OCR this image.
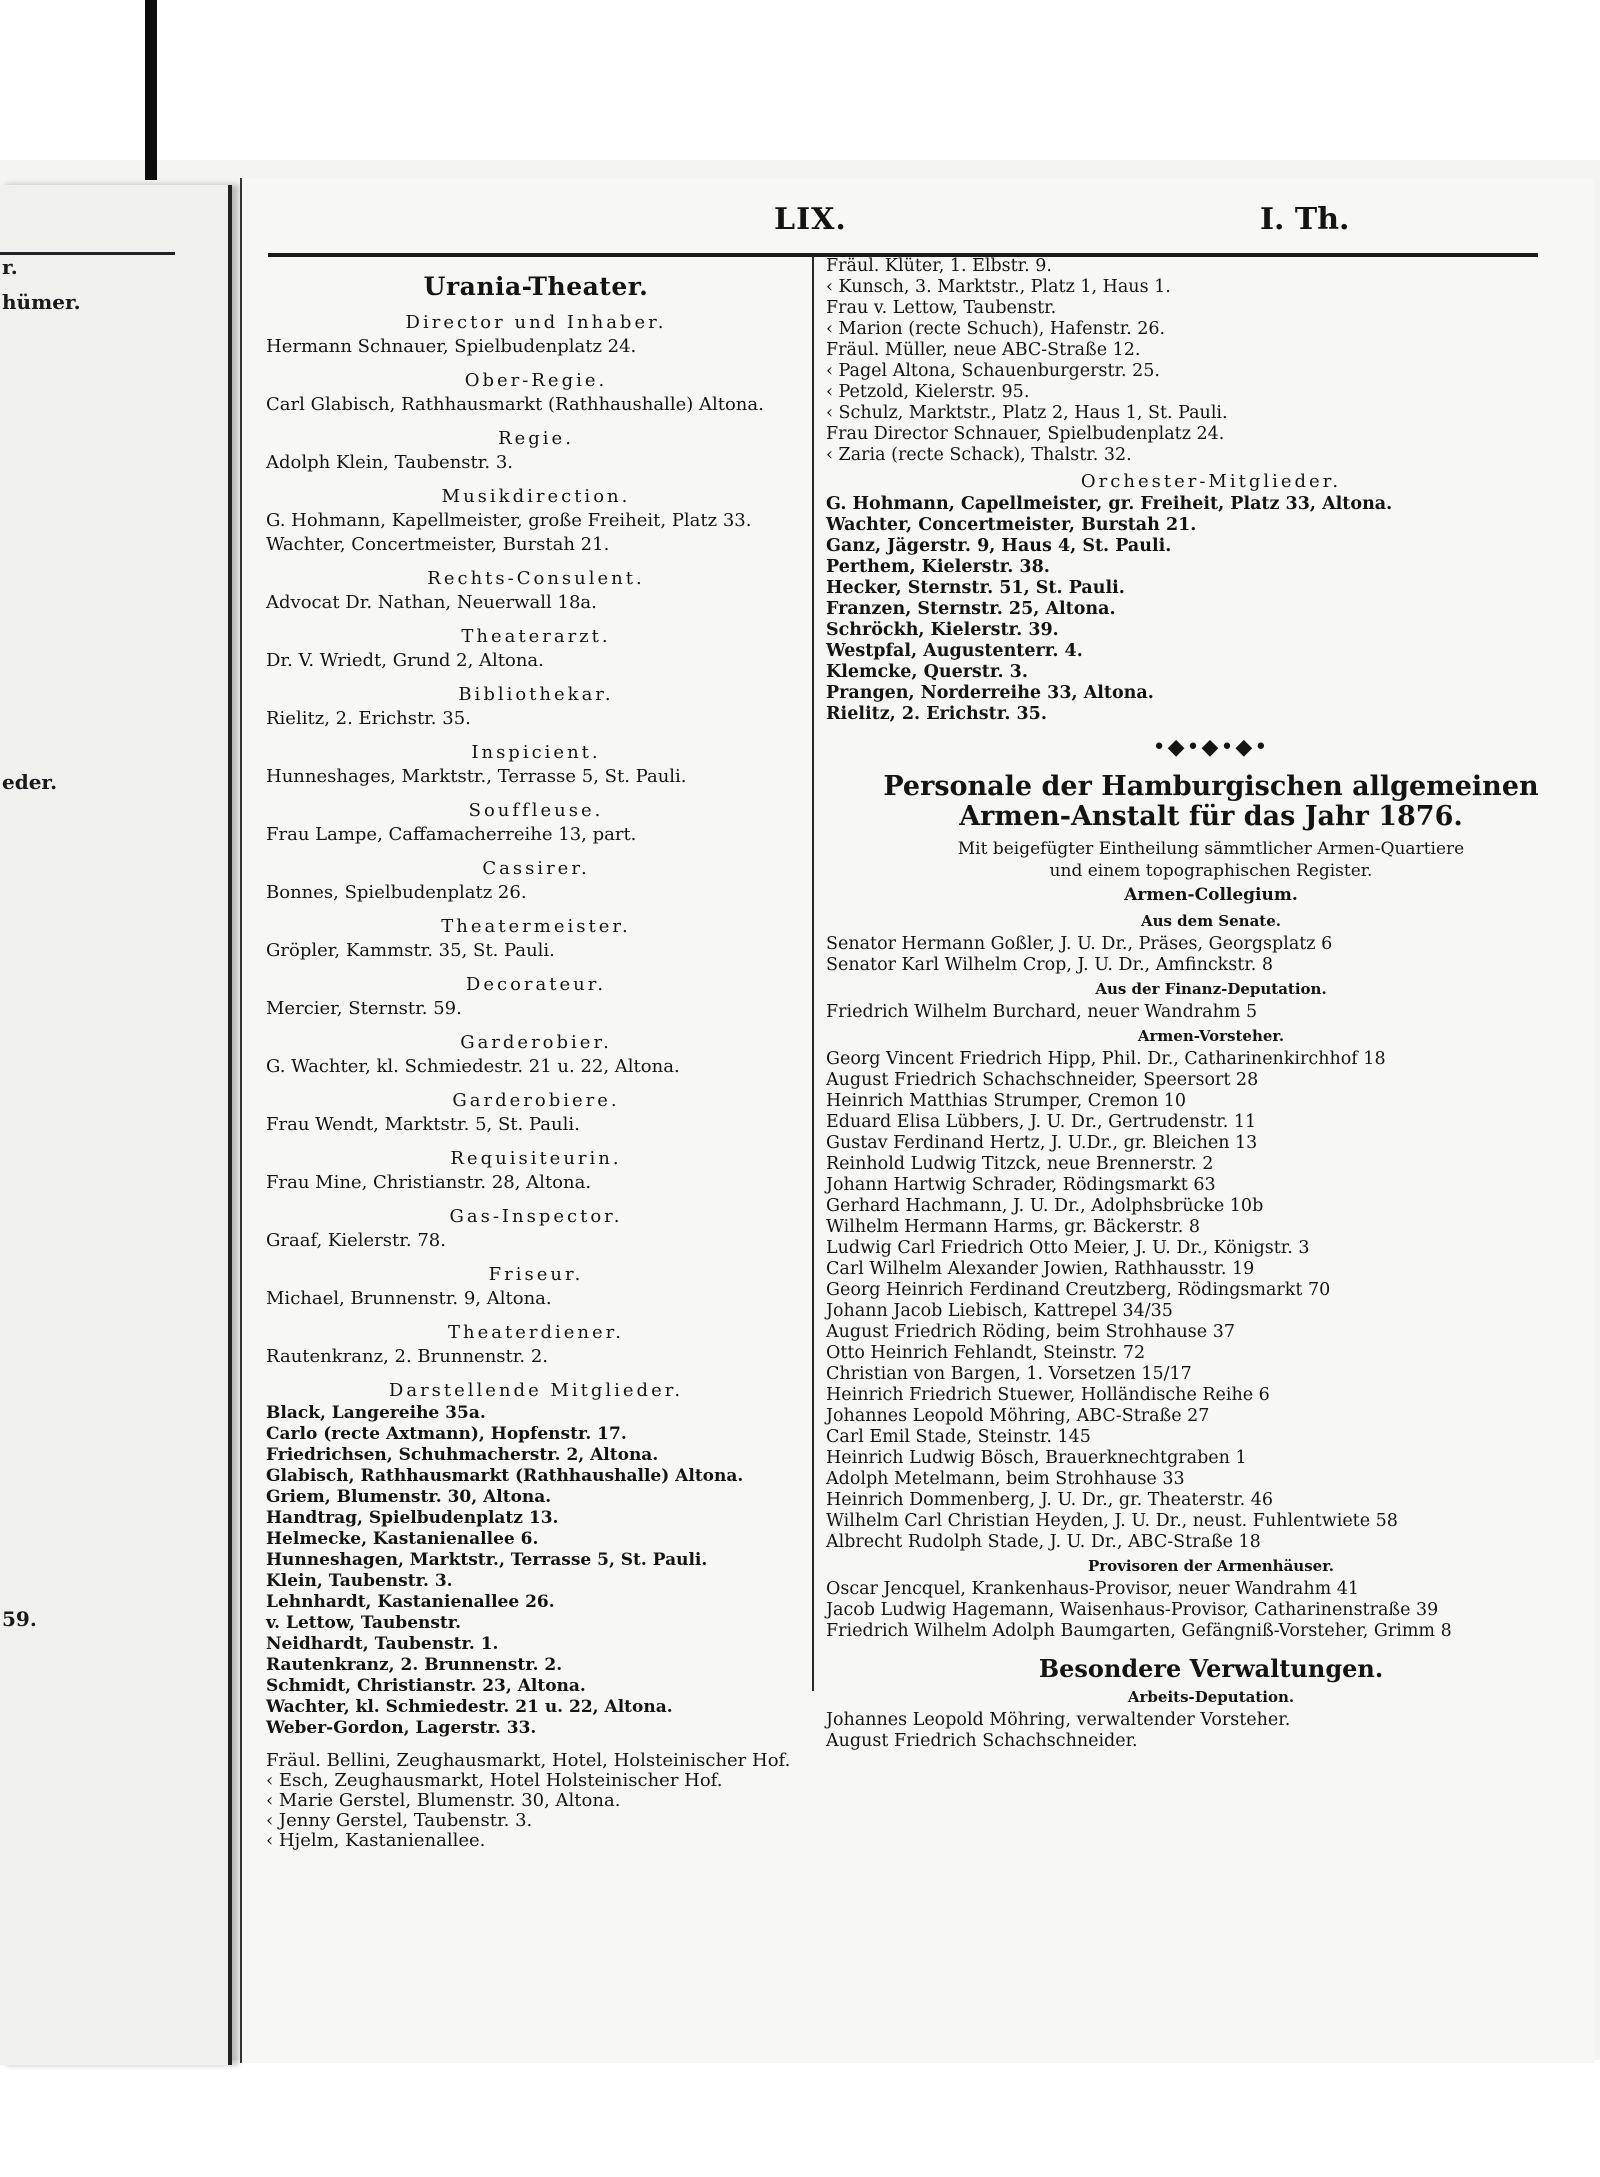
r.
hümer.
eder.
59.
LIX.	I. Th.
Urania-Theater.
Director und Inhaber.
Hermann Schnauer, Spielbudenplatz 24.
Ober-Regie.
Carl Glabisch, Rathhausmarkt (Rathhaushalle) Altona.
Regie.
Adolph Klein, Taubenstr. 3.
Musikdirection.
G. Hohmann, Kapellmeister, große Freiheit, Platz 33.
Wachter, Concertmeister, Burstah 21.
Rechts-Consulent.
Advocat Dr. Nathan, Neuerwall 18a.
Theaterarzt.
Dr. V. Wriedt, Grund 2, Altona.
Bibliothekar.
Rielitz, 2. Erichstr. 35.
Inspicient.
Hunneshages, Marktstr., Terrasse 5, St. Pauli.
Souffleuse.
Frau Lampe, Caffamacherreihe 13, part.
Cassirer.
Bonnes, Spielbudenplatz 26.
Theatermeister.
Gröpler, Kammstr. 35, St. Pauli.
Decorateur.
Mercier, Sternstr. 59.
Garderobier.
G. Wachter, kl. Schmiedestr. 21 u. 22, Altona.
Garderobiere.
Frau Wendt, Marktstr. 5, St. Pauli.
Requisiteurin.
Frau Mine, Christianstr. 28, Altona.
Gas-Inspector.
Graaf, Kielerstr. 78.
Friseur.
Michael, Brunnenstr. 9, Altona.
Theaterdiener.
Rautenkranz, 2. Brunnenstr. 2.
Darstellende Mitglieder.
Black, Langereihe 35a.
Carlo (recte Axtmann), Hopfenstr. 17.
Friedrichsen, Schuhmacherstr. 2, Altona.
Glabisch, Rathhausmarkt (Rathhaushalle) Altona.
Griem, Blumenstr. 30, Altona.
Handtrag, Spielbudenplatz 13.
Helmecke, Kastanienallee 6.
Hunneshagen, Marktstr., Terrasse 5, St. Pauli.
Klein, Taubenstr. 3.
Lehnhardt, Kastanienallee 26.
v. Lettow, Taubenstr.
Neidhardt, Taubenstr. 1.
Rautenkranz, 2. Brunnenstr. 2.
Schmidt, Christianstr. 23, Altona.
Wachter, kl. Schmiedestr. 21 u. 22, Altona.
Weber-Gordon, Lagerstr. 33.
Fräul. Bellini, Zeughausmarkt, Hotel, Holsteinischer Hof.
‹ Esch, Zeughausmarkt, Hotel Holsteinischer Hof.
‹ Marie Gerstel, Blumenstr. 30, Altona.
‹ Jenny Gerstel, Taubenstr. 3.
‹ Hjelm, Kastanienallee.
Fräul. Klüter, 1. Elbstr. 9.
‹ Kunsch, 3. Marktstr., Platz 1, Haus 1.
Frau v. Lettow, Taubenstr.
‹ Marion (recte Schuch), Hafenstr. 26.
Fräul. Müller, neue ABC-Straße 12.
‹ Pagel Altona, Schauenburgerstr. 25.
‹ Petzold, Kielerstr. 95.
‹ Schulz, Marktstr., Platz 2, Haus 1, St. Pauli.
Frau Director Schnauer, Spielbudenplatz 24.
‹ Zaria (recte Schack), Thalstr. 32.
Orchester-Mitglieder.
G. Hohmann, Capellmeister, gr. Freiheit, Platz 33, Altona.
Wachter, Concertmeister, Burstah 21.
Ganz, Jägerstr. 9, Haus 4, St. Pauli.
Perthem, Kielerstr. 38.
Hecker, Sternstr. 51, St. Pauli.
Franzen, Sternstr. 25, Altona.
Schröckh, Kielerstr. 39.
Westpfal, Augustenterr. 4.
Klemcke, Querstr. 3.
Prangen, Norderreihe 33, Altona.
Rielitz, 2. Erichstr. 35.
•◆•◆•◆•
Personale der Hamburgischen allgemeinen
Armen-Anstalt für das Jahr 1876.
Mit beigefügter Eintheilung sämmtlicher Armen-Quartiere
und einem topographischen Register.
Armen-Collegium.
Aus dem Senate.
Senator Hermann Goßler, J. U. Dr., Präses, Georgsplatz 6
Senator Karl Wilhelm Crop, J. U. Dr., Amfinckstr. 8
Aus der Finanz-Deputation.
Friedrich Wilhelm Burchard, neuer Wandrahm 5
Armen-Vorsteher.
Georg Vincent Friedrich Hipp, Phil. Dr., Catharinenkirchhof 18
August Friedrich Schachschneider, Speersort 28
Heinrich Matthias Strumper, Cremon 10
Eduard Elisa Lübbers, J. U. Dr., Gertrudenstr. 11
Gustav Ferdinand Hertz, J. U.Dr., gr. Bleichen 13
Reinhold Ludwig Titzck, neue Brennerstr. 2
Johann Hartwig Schrader, Rödingsmarkt 63
Gerhard Hachmann, J. U. Dr., Adolphsbrücke 10b
Wilhelm Hermann Harms, gr. Bäckerstr. 8
Ludwig Carl Friedrich Otto Meier, J. U. Dr., Königstr. 3
Carl Wilhelm Alexander Jowien, Rathhausstr. 19
Georg Heinrich Ferdinand Creutzberg, Rödingsmarkt 70
Johann Jacob Liebisch, Kattrepel 34/35
August Friedrich Röding, beim Strohhause 37
Otto Heinrich Fehlandt, Steinstr. 72
Christian von Bargen, 1. Vorsetzen 15/17
Heinrich Friedrich Stuewer, Holländische Reihe 6
Johannes Leopold Möhring, ABC-Straße 27
Carl Emil Stade, Steinstr. 145
Heinrich Ludwig Bösch, Brauerknechtgraben 1
Adolph Metelmann, beim Strohhause 33
Heinrich Dommenberg, J. U. Dr., gr. Theaterstr. 46
Wilhelm Carl Christian Heyden, J. U. Dr., neust. Fuhlentwiete 58
Albrecht Rudolph Stade, J. U. Dr., ABC-Straße 18
Provisoren der Armenhäuser.
Oscar Jencquel, Krankenhaus-Provisor, neuer Wandrahm 41
Jacob Ludwig Hagemann, Waisenhaus-Provisor, Catharinenstraße 39
Friedrich Wilhelm Adolph Baumgarten, Gefängniß-Vorsteher, Grimm 8
Besondere Verwaltungen.
Arbeits-Deputation.
Johannes Leopold Möhring, verwaltender Vorsteher.
August Friedrich Schachschneider.
